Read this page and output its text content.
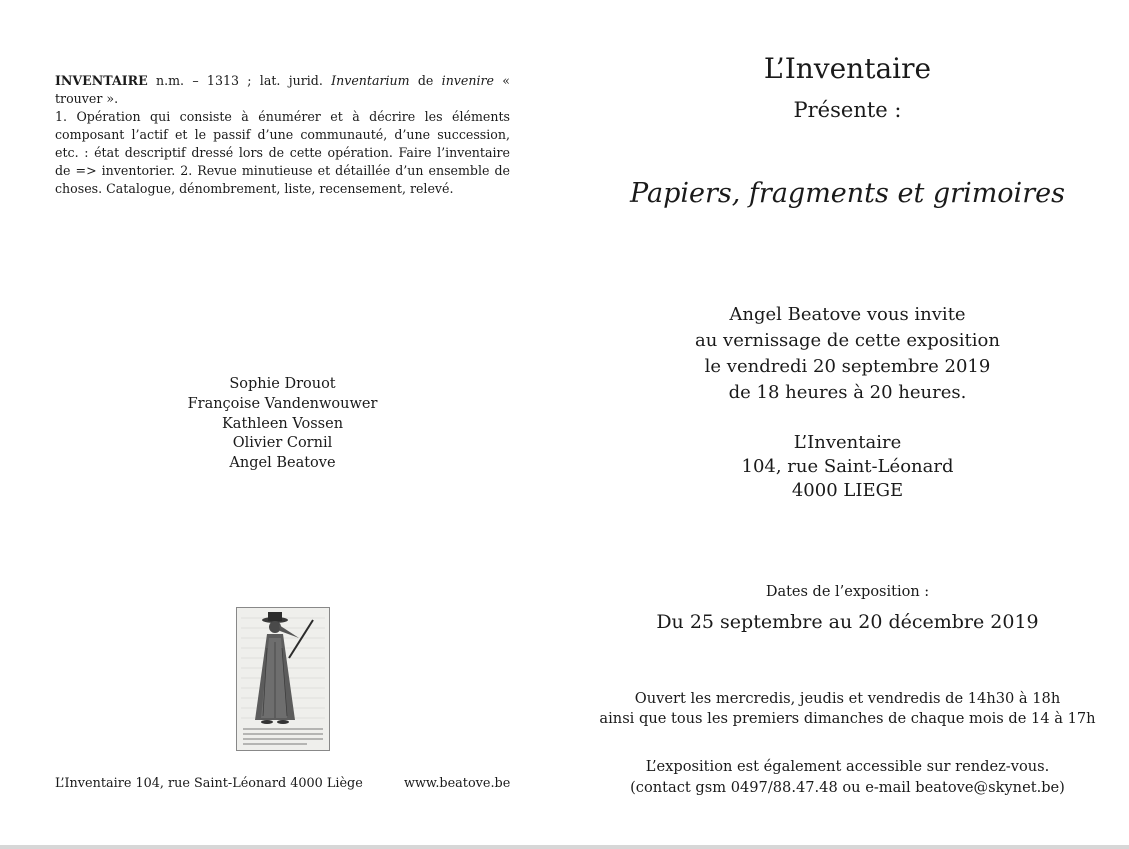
INVENTAIRE n.m. – 1313 ; lat. jurid. Inventarium de invenire « trouver ».

1. Opération qui consiste à énumérer et à décrire les éléments composant l’actif et le passif d’une communauté, d’une succession, etc. : état descriptif dressé lors de cette opération. Faire l’inventaire de => inventorier. 2. Revue minutieuse et détaillée d’un ensemble de choses. Catalogue, dénombrement, liste, recensement, relevé.

Sophie Drouot
Françoise Vandenwouwer
Kathleen Vossen
Olivier Cornil
Angel Beatove
L’Inventaire 104, rue Saint-Léonard 4000 Liège	www.beatove.be
L’Inventaire
Présente :
Papiers, fragments et grimoires
Angel Beatove vous invite
au vernissage de cette exposition
le vendredi 20 septembre 2019
de 18 heures à 20 heures.
L’Inventaire
104, rue Saint-Léonard
4000 LIEGE
Dates de l’exposition :
Du 25 septembre au 20 décembre 2019
Ouvert les mercredis, jeudis et vendredis de 14h30 à 18h
ainsi que tous les premiers dimanches de chaque mois de 14 à 17h
L’exposition est également accessible sur rendez-vous.
(contact gsm 0497/88.47.48 ou e-mail beatove@skynet.be)
